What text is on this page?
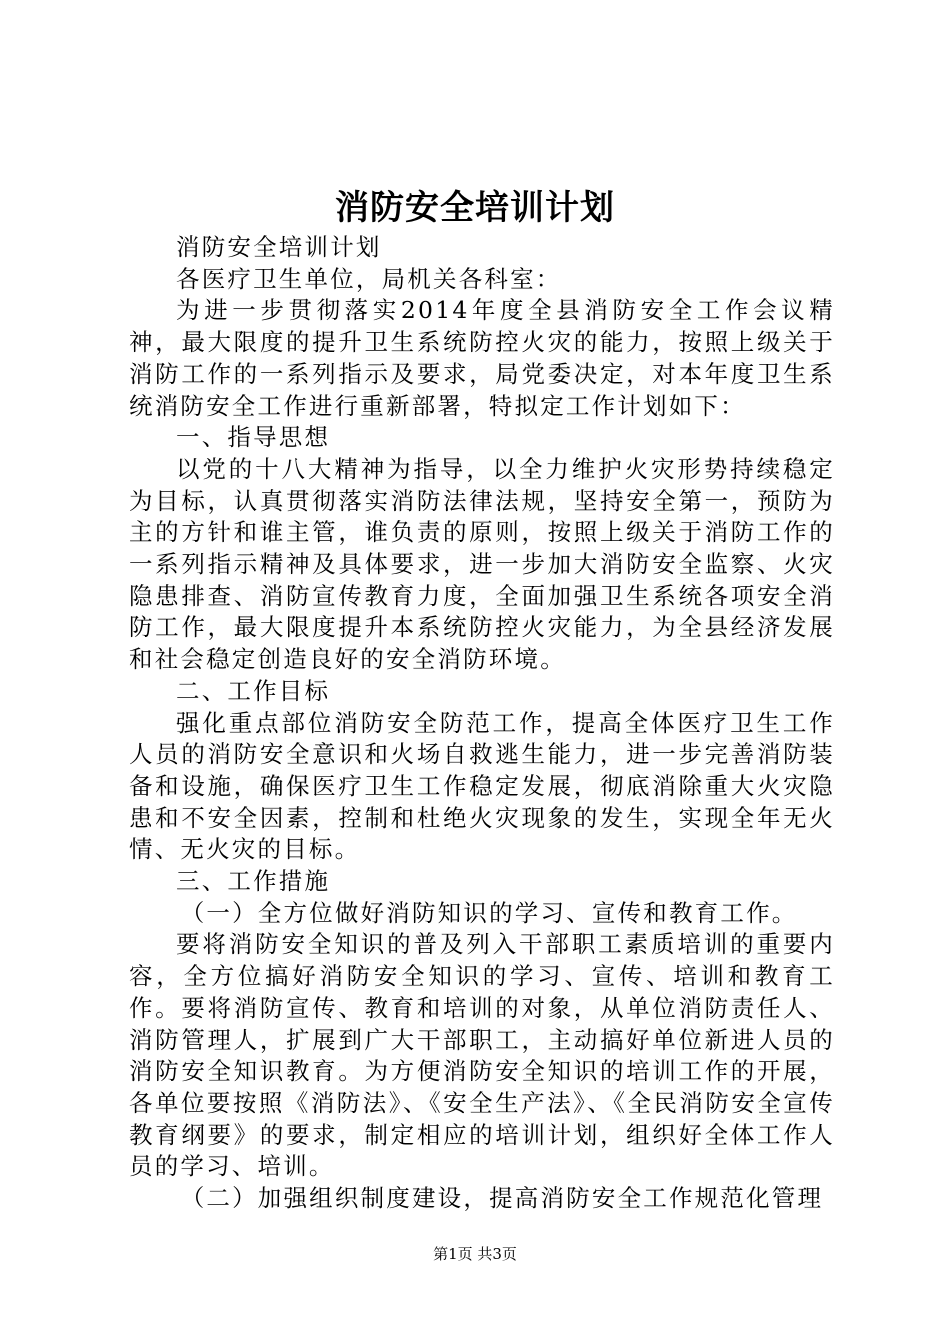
消防安全培训计划

消防安全培训计划

各医疗卫生单位，局机关各科室：

为进一步贯彻落实2014年度全县消防安全工作会议精神，最大限度的提升卫生系统防控火灾的能力，按照上级关于消防工作的一系列指示及要求，局党委决定，对本年度卫生系统消防安全工作进行重新部署，特拟定工作计划如下：

一、指导思想

以党的十八大精神为指导，以全力维护火灾形势持续稳定为目标，认真贯彻落实消防法律法规，坚持安全第一，预防为主的方针和谁主管，谁负责的原则，按照上级关于消防工作的一系列指示精神及具体要求，进一步加大消防安全监察、火灾隐患排查、消防宣传教育力度，全面加强卫生系统各项安全消防工作，最大限度提升本系统防控火灾能力，为全县经济发展和社会稳定创造良好的安全消防环境。

二、工作目标

强化重点部位消防安全防范工作，提高全体医疗卫生工作人员的消防安全意识和火场自救逃生能力，进一步完善消防装备和设施，确保医疗卫生工作稳定发展，彻底消除重大火灾隐患和不安全因素，控制和杜绝火灾现象的发生，实现全年无火情、无火灾的目标。

三、工作措施

（一）全方位做好消防知识的学习、宣传和教育工作。

要将消防安全知识的普及列入干部职工素质培训的重要内容，全方位搞好消防安全知识的学习、宣传、培训和教育工作。要将消防宣传、教育和培训的对象，从单位消防责任人、消防管理人，扩展到广大干部职工，主动搞好单位新进人员的消防安全知识教育。为方便消防安全知识的培训工作的开展，各单位要按照《消防法》、《安全生产法》、《全民消防安全宣传教育纲要》的要求，制定相应的培训计划，组织好全体工作人员的学习、培训。

（二）加强组织制度建设，提高消防安全工作规范化管理

第1页 共3页
